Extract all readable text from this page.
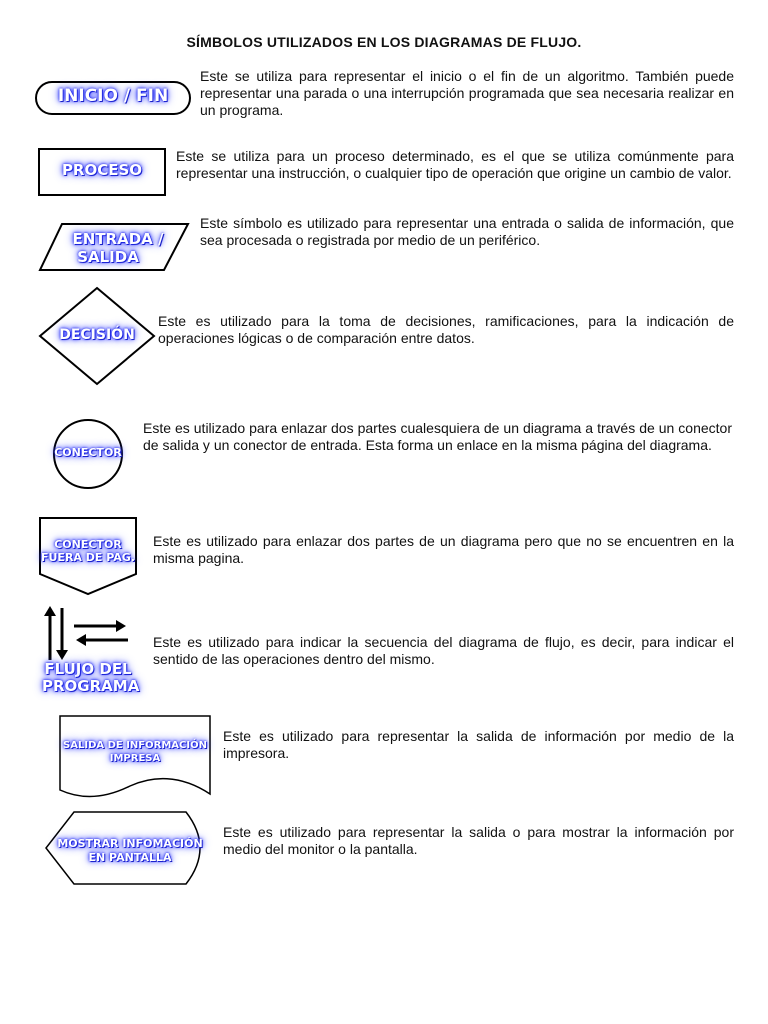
SÍMBOLOS UTILIZADOS EN LOS DIAGRAMAS DE FLUJO.
INICIO / FIN
Este se utiliza para representar el inicio o el fin de un algoritmo. También puede representar una parada o una interrupción programada que sea necesaria realizar en un programa.
PROCESO
Este se utiliza para un proceso determinado, es el que se utiliza comúnmente para representar una instrucción, o cualquier tipo de operación que origine un cambio de valor.
ENTRADA /
SALIDA
Este símbolo es utilizado para representar una entrada o salida de información, que sea procesada o registrada por medio de un periférico.
DECISIÓN
Este es utilizado para la toma de decisiones, ramificaciones, para la indicación de operaciones lógicas o de comparación entre datos.
CONECTOR
Este es utilizado para enlazar dos partes cualesquiera de un diagrama a través de un conector de salida y un conector de entrada. Esta forma un enlace en la misma página del diagrama.
CONECTOR
FUERA DE PAG.
Este es utilizado para enlazar dos partes de un diagrama pero que no se encuentren en la misma pagina.
FLUJO DEL
PROGRAMA
Este es utilizado para indicar la secuencia del diagrama de flujo, es decir, para indicar el sentido de las operaciones dentro del mismo.
SALIDA DE INFORMACIÓN
IMPRESA
Este es utilizado para representar la salida de información por medio de la impresora.
MOSTRAR INFOMACIÓN
EN PANTALLA
Este es utilizado para representar la salida o para mostrar la información por medio del monitor o la pantalla.
